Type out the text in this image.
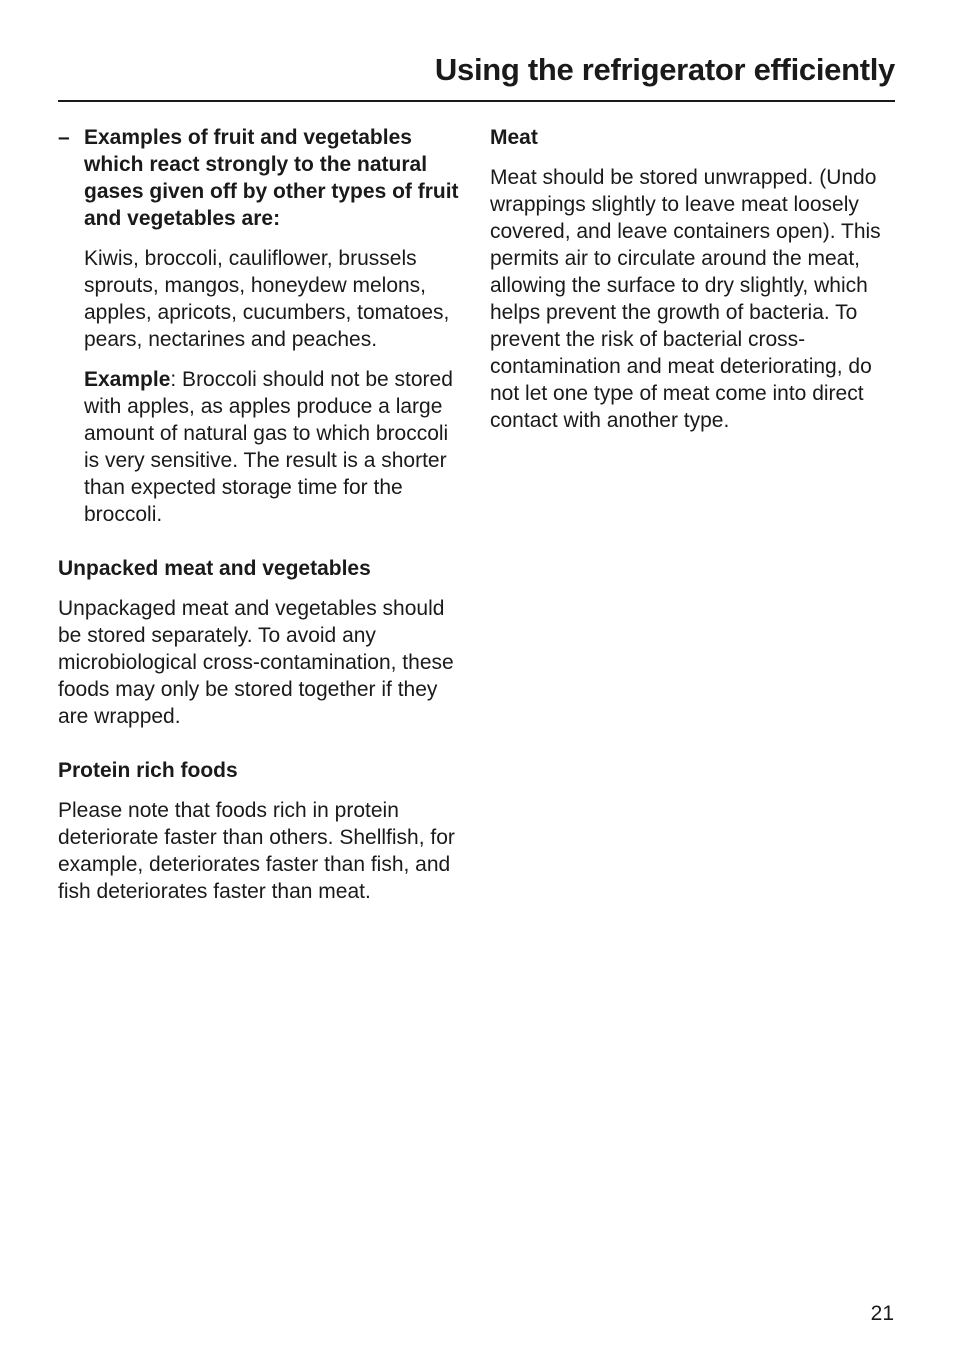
Using the refrigerator efficiently
– Examples of fruit and vegetables which react strongly to the natural gases given off by other types of fruit and vegetables are:

Kiwis, broccoli, cauliflower, brussels sprouts, mangos, honeydew melons, apples, apricots, cucumbers, tomatoes, pears, nectarines and peaches.

Example: Broccoli should not be stored with apples, as apples produce a large amount of natural gas to which broccoli is very sensitive. The result is a shorter than expected storage time for the broccoli.

Unpacked meat and vegetables

Unpackaged meat and vegetables should be stored separately. To avoid any microbiological cross-contamination, these foods may only be stored together if they are wrapped.

Protein rich foods

Please note that foods rich in protein deteriorate faster than others. Shellfish, for example, deteriorates faster than fish, and fish deteriorates faster than meat.

Meat

Meat should be stored unwrapped. (Undo wrappings slightly to leave meat loosely covered, and leave containers open). This permits air to circulate around the meat, allowing the surface to dry slightly, which helps prevent the growth of bacteria. To prevent the risk of bacterial cross-contamination and meat deteriorating, do not let one type of meat come into direct contact with another type.

21
